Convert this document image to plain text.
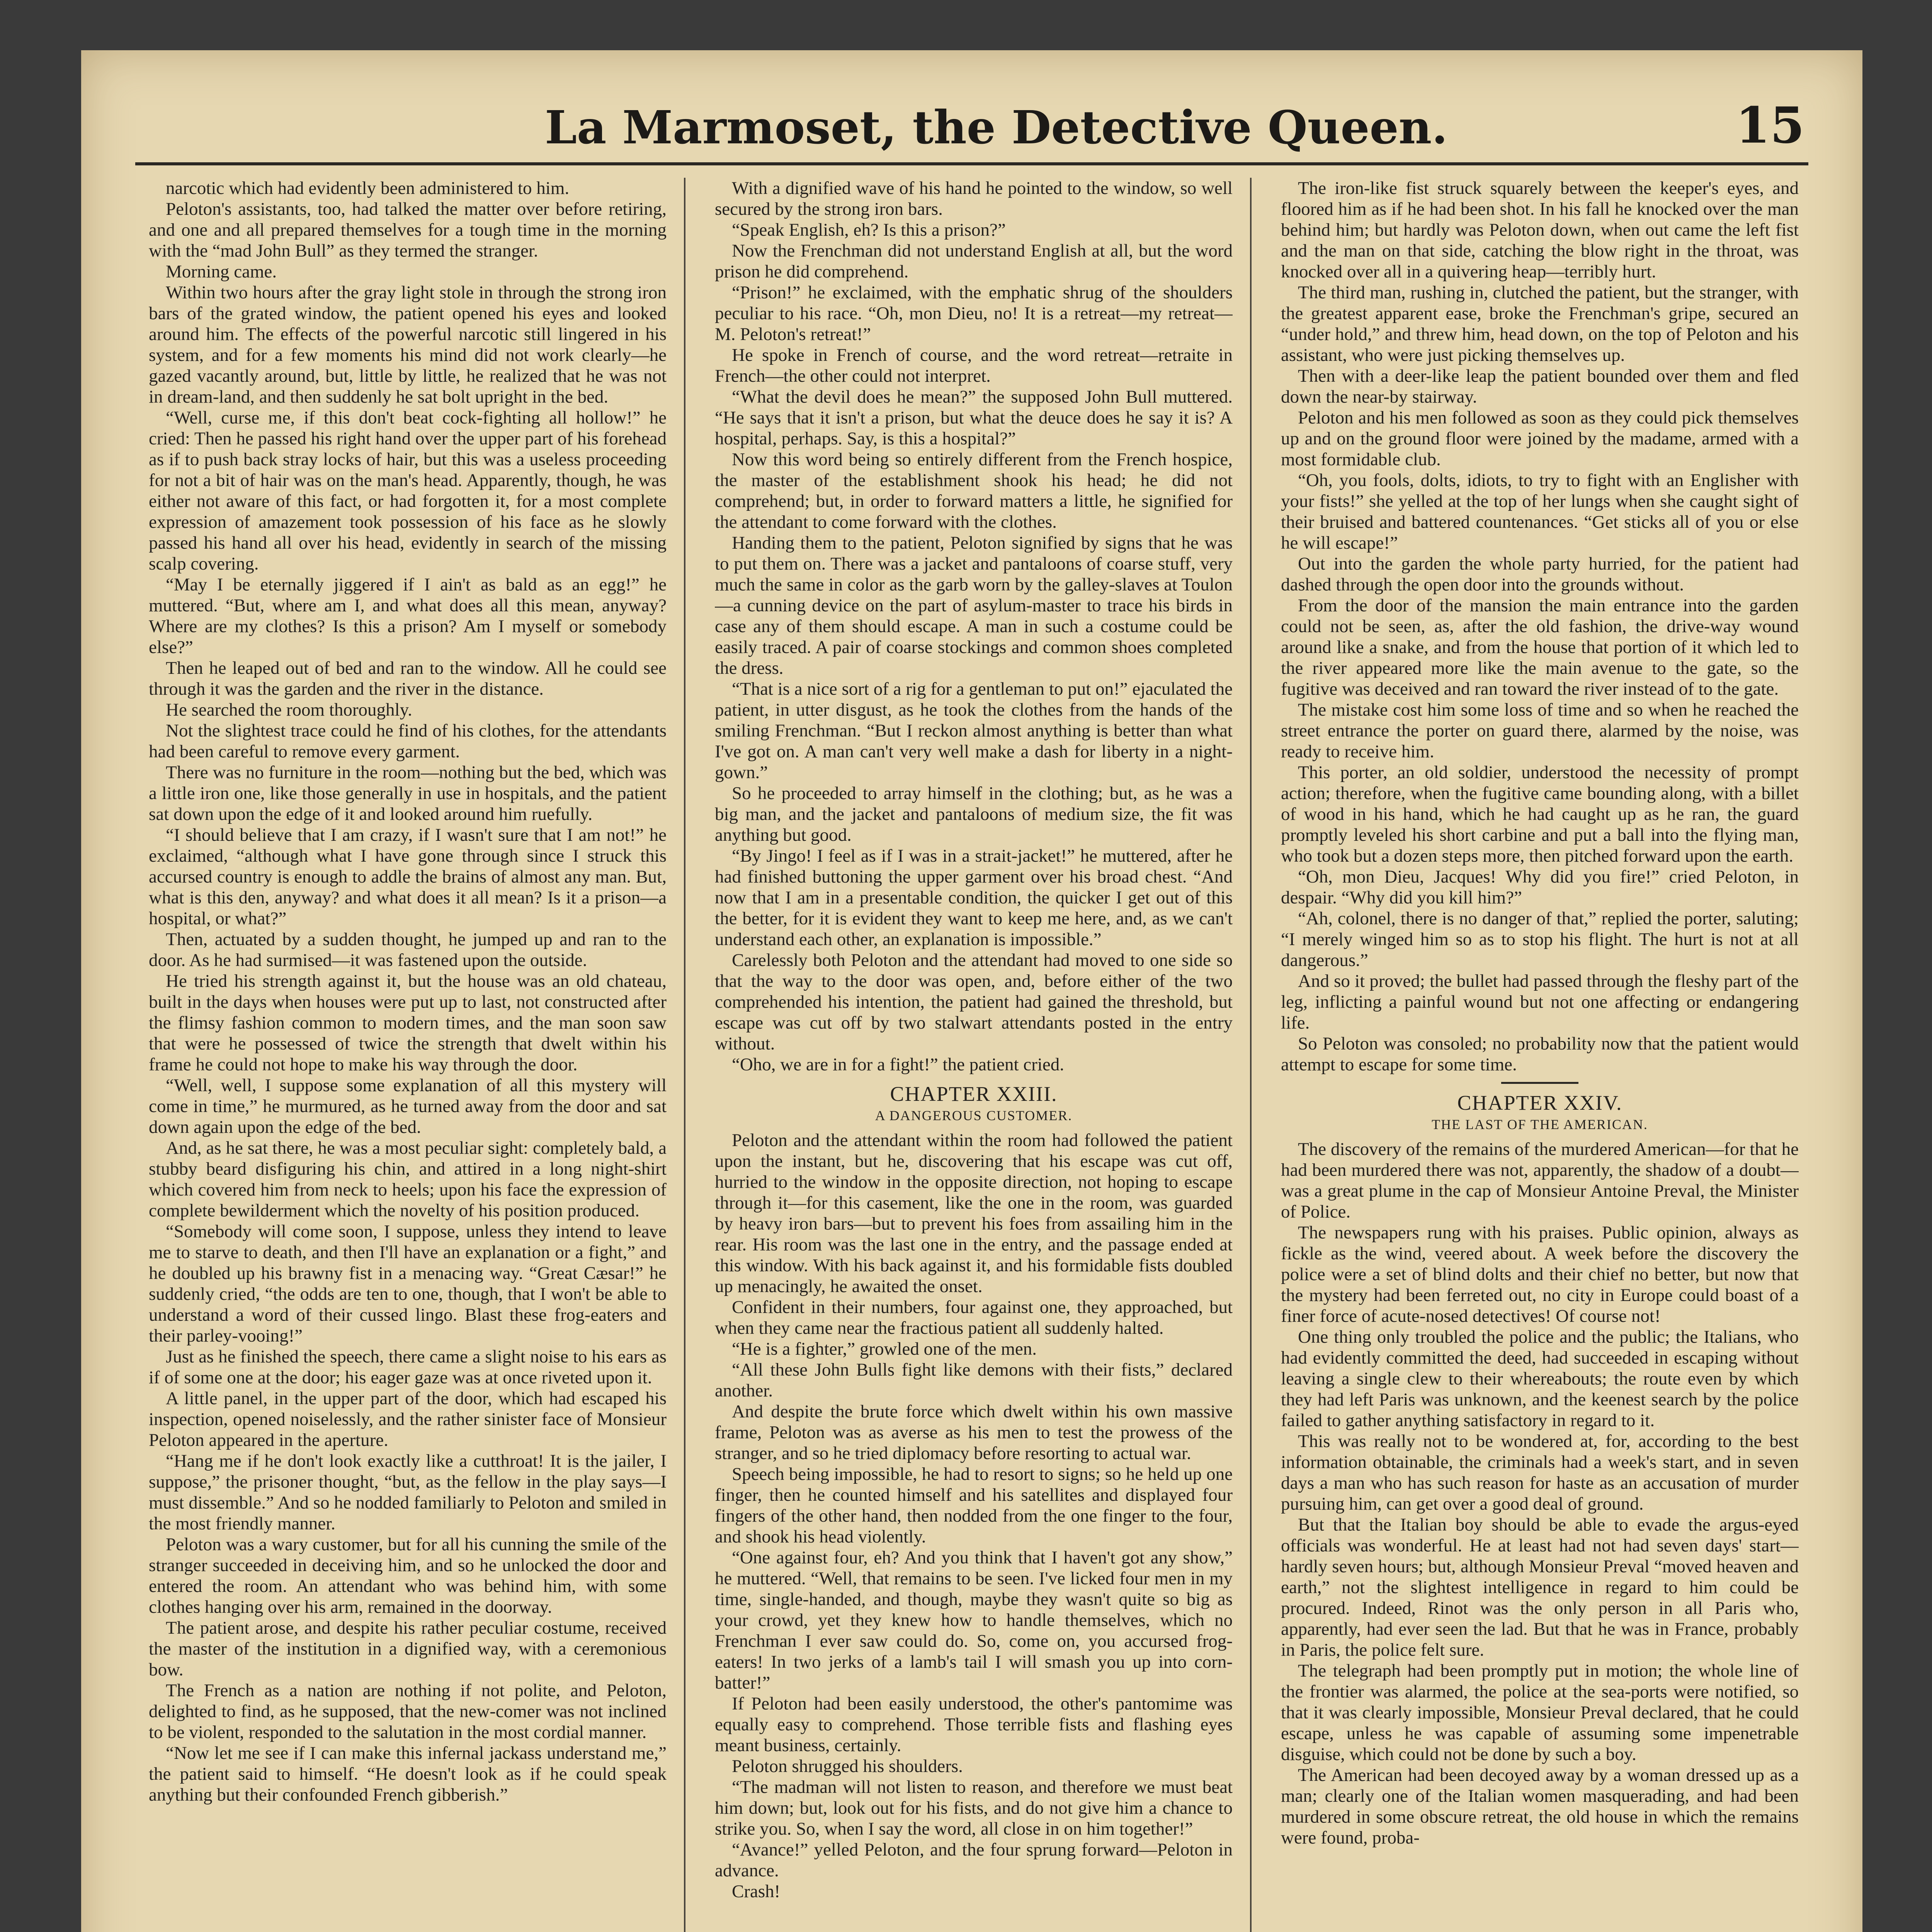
La Marmoset, the Detective Queen.	15

narcotic which had evidently been administered to him.

Peloton's assistants, too, had talked the matter over before retiring, and one and all prepared themselves for a tough time in the morning with the “mad John Bull” as they termed the stranger.

Morning came.

Within two hours after the gray light stole in through the strong iron bars of the grated window, the patient opened his eyes and looked around him. The effects of the powerful narcotic still lingered in his system, and for a few moments his mind did not work clearly—he gazed vacantly around, but, little by little, he realized that he was not in dream-land, and then suddenly he sat bolt upright in the bed.

“Well, curse me, if this don't beat cock-fighting all hollow!” he cried: Then he passed his right hand over the upper part of his forehead as if to push back stray locks of hair, but this was a useless proceeding for not a bit of hair was on the man's head. Apparently, though, he was either not aware of this fact, or had forgotten it, for a most complete expression of amazement took possession of his face as he slowly passed his hand all over his head, evidently in search of the missing scalp covering.

“May I be eternally jiggered if I ain't as bald as an egg!” he muttered. “But, where am I, and what does all this mean, anyway? Where are my clothes? Is this a prison? Am I myself or somebody else?”

Then he leaped out of bed and ran to the window. All he could see through it was the garden and the river in the distance.

He searched the room thoroughly.

Not the slightest trace could he find of his clothes, for the attendants had been careful to remove every garment.

There was no furniture in the room—nothing but the bed, which was a little iron one, like those generally in use in hospitals, and the patient sat down upon the edge of it and looked around him ruefully.

“I should believe that I am crazy, if I wasn't sure that I am not!” he exclaimed, “although what I have gone through since I struck this accursed country is enough to addle the brains of almost any man. But, what is this den, anyway? and what does it all mean? Is it a prison—a hospital, or what?”

Then, actuated by a sudden thought, he jumped up and ran to the door. As he had surmised—it was fastened upon the outside.

He tried his strength against it, but the house was an old chateau, built in the days when houses were put up to last, not constructed after the flimsy fashion common to modern times, and the man soon saw that were he possessed of twice the strength that dwelt within his frame he could not hope to make his way through the door.

“Well, well, I suppose some explanation of all this mystery will come in time,” he murmured, as he turned away from the door and sat down again upon the edge of the bed.

And, as he sat there, he was a most peculiar sight: completely bald, a stubby beard disfiguring his chin, and attired in a long night-shirt which covered him from neck to heels; upon his face the expression of complete bewilderment which the novelty of his position produced.

“Somebody will come soon, I suppose, unless they intend to leave me to starve to death, and then I'll have an explanation or a fight,” and he doubled up his brawny fist in a menacing way. “Great Cæsar!” he suddenly cried, “the odds are ten to one, though, that I won't be able to understand a word of their cussed lingo. Blast these frog-eaters and their parley-vooing!”

Just as he finished the speech, there came a slight noise to his ears as if of some one at the door; his eager gaze was at once riveted upon it.

A little panel, in the upper part of the door, which had escaped his inspection, opened noiselessly, and the rather sinister face of Monsieur Peloton appeared in the aperture.

“Hang me if he don't look exactly like a cutthroat! It is the jailer, I suppose,” the prisoner thought, “but, as the fellow in the play says—I must dissemble.” And so he nodded familiarly to Peloton and smiled in the most friendly manner.

Peloton was a wary customer, but for all his cunning the smile of the stranger succeeded in deceiving him, and so he unlocked the door and entered the room. An attendant who was behind him, with some clothes hanging over his arm, remained in the doorway.

The patient arose, and despite his rather peculiar costume, received the master of the institution in a dignified way, with a ceremonious bow.

The French as a nation are nothing if not polite, and Peloton, delighted to find, as he supposed, that the new-comer was not inclined to be violent, responded to the salutation in the most cordial manner.

“Now let me see if I can make this infernal jackass understand me,” the patient said to himself. “He doesn't look as if he could speak anything but their confounded French gibberish.”

With a dignified wave of his hand he pointed to the window, so well secured by the strong iron bars.

“Speak English, eh? Is this a prison?”

Now the Frenchman did not understand English at all, but the word prison he did comprehend.

“Prison!” he exclaimed, with the emphatic shrug of the shoulders peculiar to his race. “Oh, mon Dieu, no! It is a retreat—my retreat—M. Peloton's retreat!”

He spoke in French of course, and the word retreat—retraite in French—the other could not interpret.

“What the devil does he mean?” the supposed John Bull muttered. “He says that it isn't a prison, but what the deuce does he say it is? A hospital, perhaps. Say, is this a hospital?”

Now this word being so entirely different from the French hospice, the master of the establishment shook his head; he did not comprehend; but, in order to forward matters a little, he signified for the attendant to come forward with the clothes.

Handing them to the patient, Peloton signified by signs that he was to put them on. There was a jacket and pantaloons of coarse stuff, very much the same in color as the garb worn by the galley-slaves at Toulon—a cunning device on the part of asylum-master to trace his birds in case any of them should escape. A man in such a costume could be easily traced. A pair of coarse stockings and common shoes completed the dress.

“That is a nice sort of a rig for a gentleman to put on!” ejaculated the patient, in utter disgust, as he took the clothes from the hands of the smiling Frenchman. “But I reckon almost anything is better than what I've got on. A man can't very well make a dash for liberty in a night-gown.”

So he proceeded to array himself in the clothing; but, as he was a big man, and the jacket and pantaloons of medium size, the fit was anything but good.

“By Jingo! I feel as if I was in a strait-jacket!” he muttered, after he had finished buttoning the upper garment over his broad chest. “And now that I am in a presentable condition, the quicker I get out of this the better, for it is evident they want to keep me here, and, as we can't understand each other, an explanation is impossible.”

Carelessly both Peloton and the attendant had moved to one side so that the way to the door was open, and, before either of the two comprehended his intention, the patient had gained the threshold, but escape was cut off by two stalwart attendants posted in the entry without.

“Oho, we are in for a fight!” the patient cried.

CHAPTER XXIII.
A DANGEROUS CUSTOMER.

Peloton and the attendant within the room had followed the patient upon the instant, but he, discovering that his escape was cut off, hurried to the window in the opposite direction, not hoping to escape through it—for this casement, like the one in the room, was guarded by heavy iron bars—but to prevent his foes from assailing him in the rear. His room was the last one in the entry, and the passage ended at this window. With his back against it, and his formidable fists doubled up menacingly, he awaited the onset.

Confident in their numbers, four against one, they approached, but when they came near the fractious patient all suddenly halted.

“He is a fighter,” growled one of the men.

“All these John Bulls fight like demons with their fists,” declared another.

And despite the brute force which dwelt within his own massive frame, Peloton was as averse as his men to test the prowess of the stranger, and so he tried diplomacy before resorting to actual war.

Speech being impossible, he had to resort to signs; so he held up one finger, then he counted himself and his satellites and displayed four fingers of the other hand, then nodded from the one finger to the four, and shook his head violently.

“One against four, eh? And you think that I haven't got any show,” he muttered. “Well, that remains to be seen. I've licked four men in my time, single-handed, and though, maybe they wasn't quite so big as your crowd, yet they knew how to handle themselves, which no Frenchman I ever saw could do. So, come on, you accursed frog-eaters! In two jerks of a lamb's tail I will smash you up into corn-batter!”

If Peloton had been easily understood, the other's pantomime was equally easy to comprehend. Those terrible fists and flashing eyes meant business, certainly.

Peloton shrugged his shoulders.

“The madman will not listen to reason, and therefore we must beat him down; but, look out for his fists, and do not give him a chance to strike you. So, when I say the word, all close in on him together!”

“Avance!” yelled Peloton, and the four sprung forward—Peloton in advance.

Crash!

The iron-like fist struck squarely between the keeper's eyes, and floored him as if he had been shot. In his fall he knocked over the man behind him; but hardly was Peloton down, when out came the left fist and the man on that side, catching the blow right in the throat, was knocked over all in a quivering heap—terribly hurt.

The third man, rushing in, clutched the patient, but the stranger, with the greatest apparent ease, broke the Frenchman's gripe, secured an “under hold,” and threw him, head down, on the top of Peloton and his assistant, who were just picking themselves up.

Then with a deer-like leap the patient bounded over them and fled down the near-by stairway.

Peloton and his men followed as soon as they could pick themselves up and on the ground floor were joined by the madame, armed with a most formidable club.

“Oh, you fools, dolts, idiots, to try to fight with an Englisher with your fists!” she yelled at the top of her lungs when she caught sight of their bruised and battered countenances. “Get sticks all of you or else he will escape!”

Out into the garden the whole party hurried, for the patient had dashed through the open door into the grounds without.

From the door of the mansion the main entrance into the garden could not be seen, as, after the old fashion, the drive-way wound around like a snake, and from the house that portion of it which led to the river appeared more like the main avenue to the gate, so the fugitive was deceived and ran toward the river instead of to the gate.

The mistake cost him some loss of time and so when he reached the street entrance the porter on guard there, alarmed by the noise, was ready to receive him.

This porter, an old soldier, understood the necessity of prompt action; therefore, when the fugitive came bounding along, with a billet of wood in his hand, which he had caught up as he ran, the guard promptly leveled his short carbine and put a ball into the flying man, who took but a dozen steps more, then pitched forward upon the earth.

“Oh, mon Dieu, Jacques! Why did you fire!” cried Peloton, in despair. “Why did you kill him?”

“Ah, colonel, there is no danger of that,” replied the porter, saluting; “I merely winged him so as to stop his flight. The hurt is not at all dangerous.”

And so it proved; the bullet had passed through the fleshy part of the leg, inflicting a painful wound but not one affecting or endangering life.

So Peloton was consoled; no probability now that the patient would attempt to escape for some time.

CHAPTER XXIV.
THE LAST OF THE AMERICAN.

The discovery of the remains of the murdered American—for that he had been murdered there was not, apparently, the shadow of a doubt—was a great plume in the cap of Monsieur Antoine Preval, the Minister of Police.

The newspapers rung with his praises. Public opinion, always as fickle as the wind, veered about. A week before the discovery the police were a set of blind dolts and their chief no better, but now that the mystery had been ferreted out, no city in Europe could boast of a finer force of acute-nosed detectives! Of course not!

One thing only troubled the police and the public; the Italians, who had evidently committed the deed, had succeeded in escaping without leaving a single clew to their whereabouts; the route even by which they had left Paris was unknown, and the keenest search by the police failed to gather anything satisfactory in regard to it.

This was really not to be wondered at, for, according to the best information obtainable, the criminals had a week's start, and in seven days a man who has such reason for haste as an accusation of murder pursuing him, can get over a good deal of ground.

But that the Italian boy should be able to evade the argus-eyed officials was wonderful. He at least had not had seven days' start—hardly seven hours; but, although Monsieur Preval “moved heaven and earth,” not the slightest intelligence in regard to him could be procured. Indeed, Rinot was the only person in all Paris who, apparently, had ever seen the lad. But that he was in France, probably in Paris, the police felt sure.

The telegraph had been promptly put in motion; the whole line of the frontier was alarmed, the police at the sea-ports were notified, so that it was clearly impossible, Monsieur Preval declared, that he could escape, unless he was capable of assuming some impenetrable disguise, which could not be done by such a boy.

The American had been decoyed away by a woman dressed up as a man; clearly one of the Italian women masquerading, and had been murdered in some obscure retreat, the old house in which the remains were found, proba-
